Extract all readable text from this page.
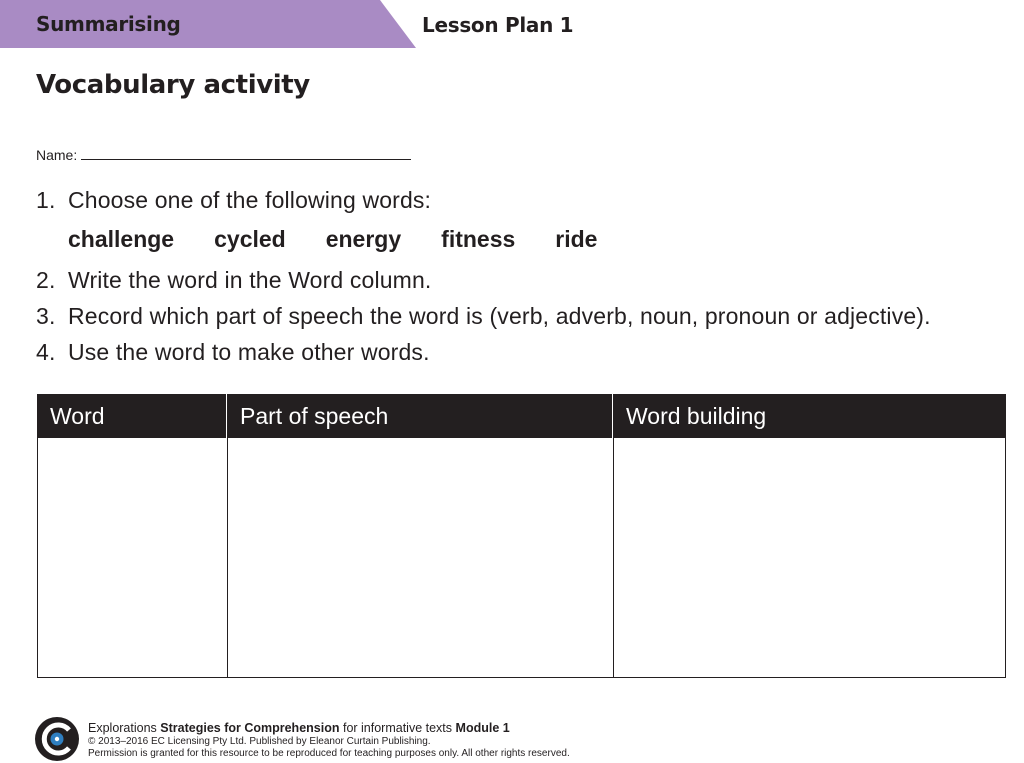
Summarising	Lesson Plan 1
Vocabulary activity
Name:
1. Choose one of the following words:
challenge cycled energy fitness ride
2. Write the word in the Word column.
3. Record which part of speech the word is (verb, adverb, noun, pronoun or adjective).
4. Use the word to make other words.
Word	Part of speech	Word building
Explorations Strategies for Comprehension for informative texts Module 1
© 2013–2016 EC Licensing Pty Ltd. Published by Eleanor Curtain Publishing.
Permission is granted for this resource to be reproduced for teaching purposes only. All other rights reserved.
